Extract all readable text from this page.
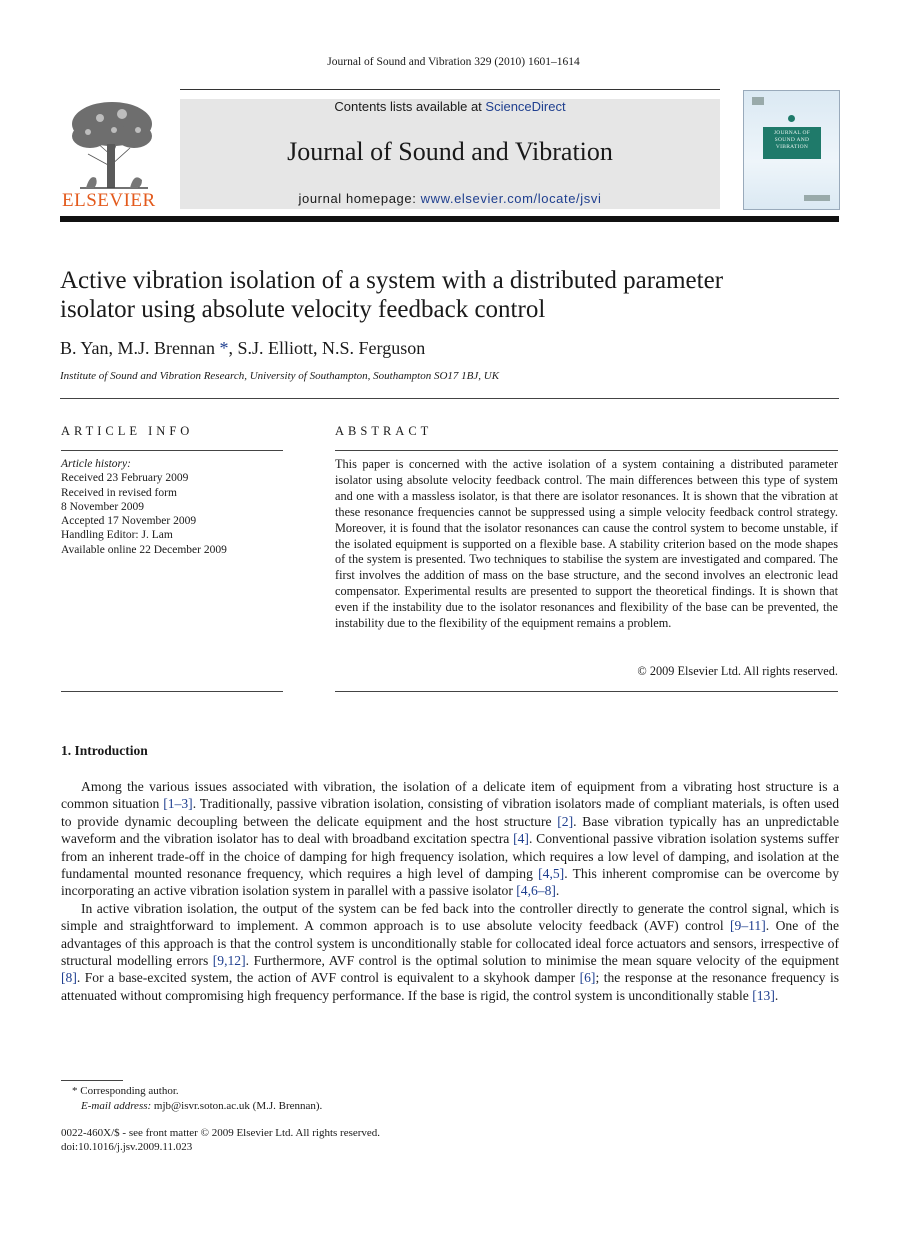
Journal of Sound and Vibration 329 (2010) 1601–1614
ELSEVIER
Contents lists available at ScienceDirect
Journal of Sound and Vibration
journal homepage: www.elsevier.com/locate/jsvi
JOURNAL OF
SOUND AND
VIBRATION
Active vibration isolation of a system with a distributed parameter
isolator using absolute velocity feedback control
B. Yan, M.J. Brennan *, S.J. Elliott, N.S. Ferguson
Institute of Sound and Vibration Research, University of Southampton, Southampton SO17 1BJ, UK
ARTICLE INFO
Article history:
Received 23 February 2009
Received in revised form
8 November 2009
Accepted 17 November 2009
Handling Editor: J. Lam
Available online 22 December 2009
ABSTRACT
This paper is concerned with the active isolation of a system containing a distributed parameter isolator using absolute velocity feedback control. The main differences between this type of system and one with a massless isolator, is that there are isolator resonances. It is shown that the vibration at these resonance frequencies cannot be suppressed using a simple velocity feedback control strategy. Moreover, it is found that the isolator resonances can cause the control system to become unstable, if the isolated equipment is supported on a flexible base. A stability criterion based on the mode shapes of the system is presented. Two techniques to stabilise the system are investigated and compared. The first involves the addition of mass on the base structure, and the second involves an electronic lead compensator. Experimental results are presented to support the theoretical findings. It is shown that even if the instability due to the isolator resonances and flexibility of the base can be prevented, the instability due to the flexibility of the equipment remains a problem.
© 2009 Elsevier Ltd. All rights reserved.
1. Introduction

Among the various issues associated with vibration, the isolation of a delicate item of equipment from a vibrating host structure is a common situation [1–3]. Traditionally, passive vibration isolation, consisting of vibration isolators made of compliant materials, is often used to provide dynamic decoupling between the delicate equipment and the host structure [2]. Base vibration typically has an unpredictable waveform and the vibration isolator has to deal with broadband excitation spectra [4]. Conventional passive vibration isolation systems suffer from an inherent trade-off in the choice of damping for high frequency isolation, which requires a low level of damping, and isolation at the fundamental mounted resonance frequency, which requires a high level of damping [4,5]. This inherent compromise can be overcome by incorporating an active vibration isolation system in parallel with a passive isolator [4,6–8].

In active vibration isolation, the output of the system can be fed back into the controller directly to generate the control signal, which is simple and straightforward to implement. A common approach is to use absolute velocity feedback (AVF) control [9–11]. One of the advantages of this approach is that the control system is unconditionally stable for collocated ideal force actuators and sensors, irrespective of structural modelling errors [9,12]. Furthermore, AVF control is the optimal solution to minimise the mean square velocity of the equipment [8]. For a base-excited system, the action of AVF control is equivalent to a skyhook damper [6]; the response at the resonance frequency is attenuated without compromising high frequency performance. If the base is rigid, the control system is unconditionally stable [13].

* Corresponding author.
E-mail address: mjb@isvr.soton.ac.uk (M.J. Brennan).
0022-460X/$ - see front matter © 2009 Elsevier Ltd. All rights reserved.
doi:10.1016/j.jsv.2009.11.023
